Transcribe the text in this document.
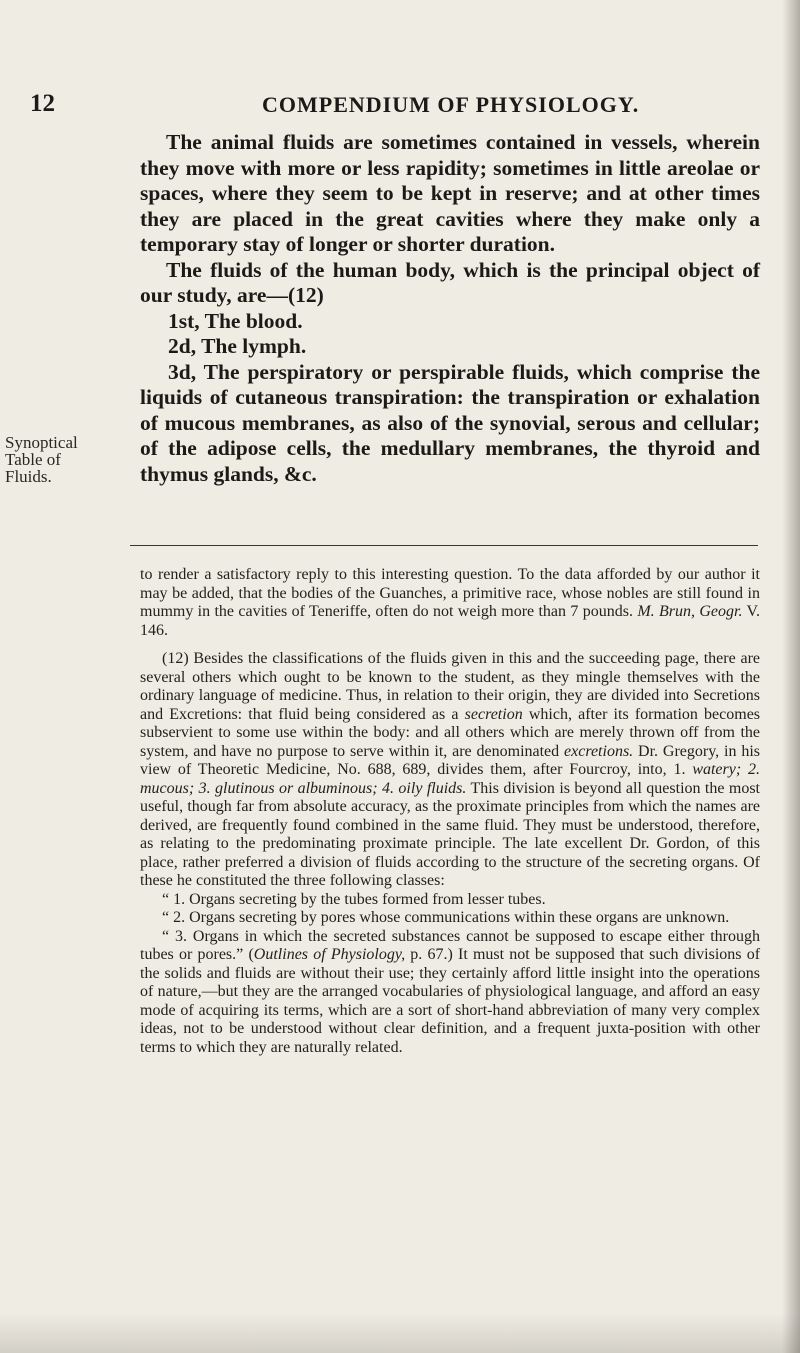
12	COMPENDIUM OF PHYSIOLOGY.
Synoptical Table of Fluids.

The animal fluids are sometimes contained in vessels, wherein they move with more or less rapidity; sometimes in little areolae or spaces, where they seem to be kept in reserve; and at other times they are placed in the great cavities where they make only a temporary stay of longer or shorter duration.

The fluids of the human body, which is the principal object of our study, are—(12)

1st, The blood.

2d, The lymph.

3d, The perspiratory or perspirable fluids, which comprise the liquids of cutaneous transpiration: the transpiration or exhalation of mucous membranes, as also of the synovial, serous and cellular; of the adipose cells, the medullary membranes, the thyroid and thymus glands, &c.

to render a satisfactory reply to this interesting question. To the data afforded by our author it may be added, that the bodies of the Guanches, a primitive race, whose nobles are still found in mummy in the cavities of Teneriffe, often do not weigh more than 7 pounds. M. Brun, Geogr. V. 146.

(12) Besides the classifications of the fluids given in this and the succeeding page, there are several others which ought to be known to the student, as they mingle themselves with the ordinary language of medicine. Thus, in relation to their origin, they are divided into Secretions and Excretions: that fluid being considered as a secretion which, after its formation becomes subservient to some use within the body: and all others which are merely thrown off from the system, and have no purpose to serve within it, are denominated excretions. Dr. Gregory, in his view of Theoretic Medicine, No. 688, 689, divides them, after Fourcroy, into, 1. watery; 2. mucous; 3. glutinous or albuminous; 4. oily fluids. This division is beyond all question the most useful, though far from absolute accuracy, as the proximate principles from which the names are derived, are frequently found combined in the same fluid. They must be understood, therefore, as relating to the predominating proximate principle. The late excellent Dr. Gordon, of this place, rather preferred a division of fluids according to the structure of the secreting organs. Of these he constituted the three following classes:

“ 1. Organs secreting by the tubes formed from lesser tubes.

“ 2. Organs secreting by pores whose communications within these organs are unknown.

“ 3. Organs in which the secreted substances cannot be supposed to escape either through tubes or pores.” (Outlines of Physiology, p. 67.) It must not be supposed that such divisions of the solids and fluids are without their use; they certainly afford little insight into the operations of nature,—but they are the arranged vocabularies of physiological language, and afford an easy mode of acquiring its terms, which are a sort of short-hand abbreviation of many very complex ideas, not to be understood without clear definition, and a frequent juxta-position with other terms to which they are naturally related.
